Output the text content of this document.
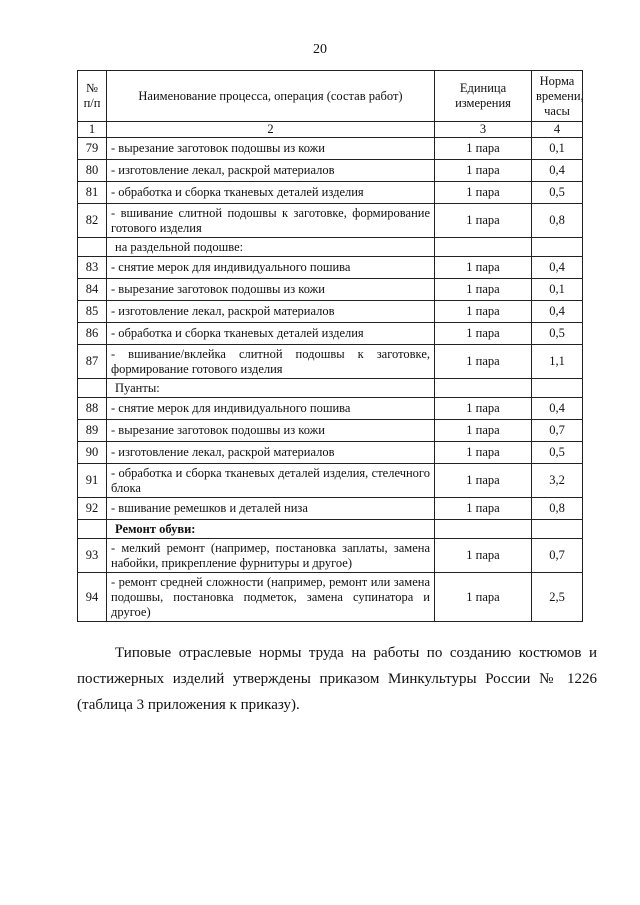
20
№ п/п	Наименование процесса, операция (состав работ)	Единица измерения	Норма времени, часы
1	2	3	4
79	- вырезание заготовок подошвы из кожи	1 пара	0,1
80	- изготовление лекал, раскрой материалов	1 пара	0,4
81	- обработка и сборка тканевых деталей изделия	1 пара	0,5
82	- вшивание слитной подошвы к заготовке, формирование готового изделия	1 пара	0,8
	на раздельной подошве:		
83	- снятие мерок для индивидуального пошива	1 пара	0,4
84	- вырезание заготовок подошвы из кожи	1 пара	0,1
85	- изготовление лекал, раскрой материалов	1 пара	0,4
86	- обработка и сборка тканевых деталей изделия	1 пара	0,5
87	- вшивание/вклейка слитной подошвы к заготовке, формирование готового изделия	1 пара	1,1
	Пуанты:		
88	- снятие мерок для индивидуального пошива	1 пара	0,4
89	- вырезание заготовок подошвы из кожи	1 пара	0,7
90	- изготовление лекал, раскрой материалов	1 пара	0,5
91	- обработка и сборка тканевых деталей изделия, стелечного блока	1 пара	3,2
92	- вшивание ремешков и деталей низа	1 пара	0,8
	Ремонт обуви:		
93	- мелкий ремонт (например, постановка заплаты, замена набойки, прикрепление фурнитуры и другое)	1 пара	0,7
94	- ремонт средней сложности (например, ремонт или замена подошвы, постановка подметок, замена супинатора и другое)	1 пара	2,5

Типовые отраслевые нормы труда на работы по созданию костюмов и постижерных изделий утверждены приказом Минкультуры России № 1226 (таблица 3 приложения к приказу).
